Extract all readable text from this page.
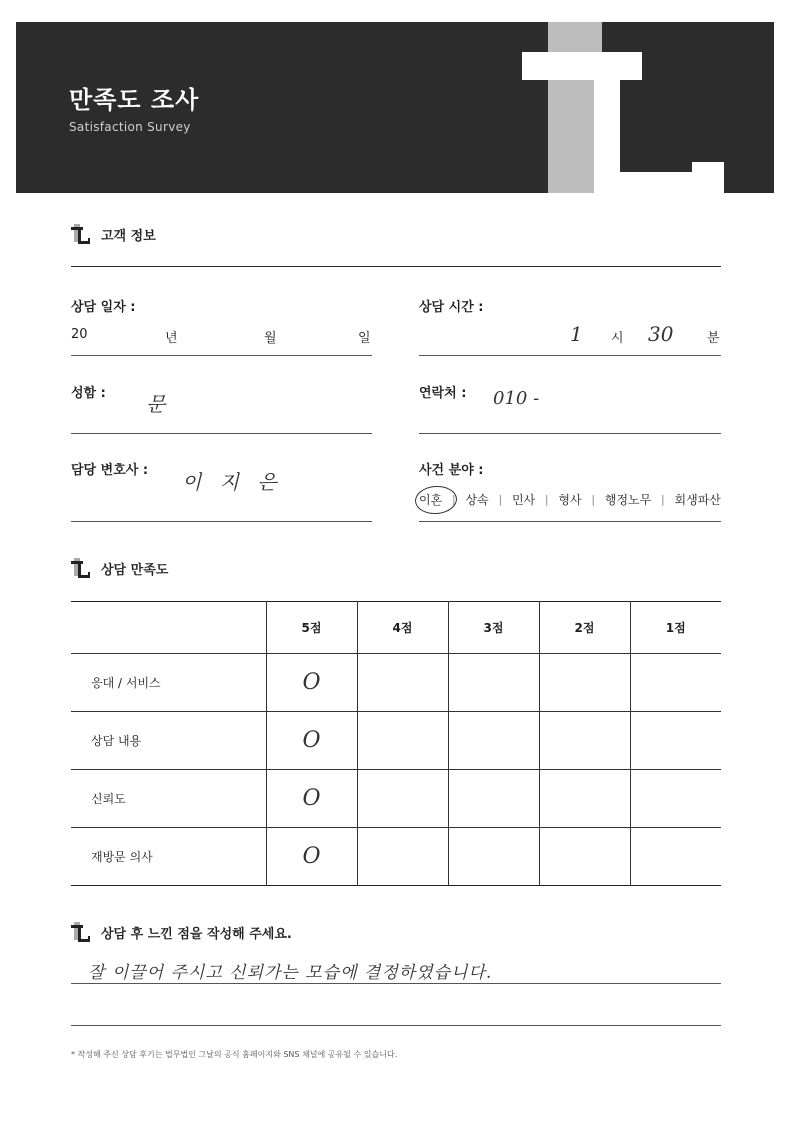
만족도 조사
Satisfaction Survey
고객 정보
상담 일자 :
20	년	월	일
상담 시간 :
1 시 30	분
성함 : 문	연락처 : 010 -
담당 변호사 : 이 지 은	사건 분야 :
이혼 | 상속 | 민사 | 형사 | 행정노무 | 회생파산
상담 만족도
	5점	4점	3점	2점	1점
응대 / 서비스	O				
상담 내용	O				
신뢰도	O				
재방문 의사	O				
상담 후 느낀 점을 작성해 주세요.
잘 이끌어 주시고 신뢰가는 모습에 결정하였습니다.
* 작성해 주신 상담 후기는 법무법인 그날의 공식 홈페이지와 SNS 채널에 공유될 수 있습니다.
